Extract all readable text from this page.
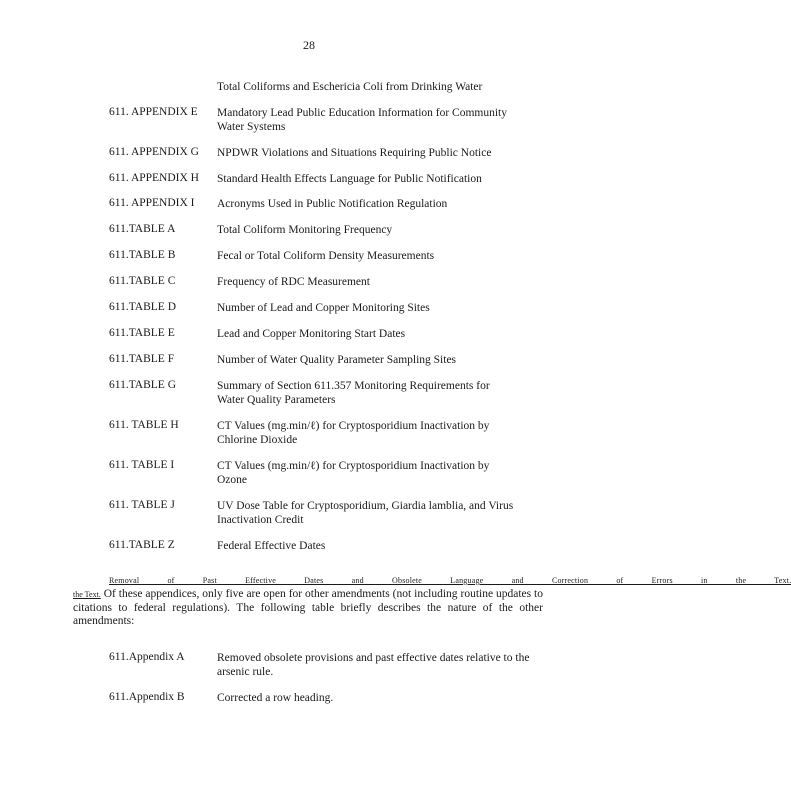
28
Total Coliforms and Eschericia Coli from Drinking Water
611. APPENDIX E	Mandatory Lead Public Education Information for Community Water Systems
611. APPENDIX G	NPDWR Violations and Situations Requiring Public Notice
611. APPENDIX H	Standard Health Effects Language for Public Notification
611. APPENDIX I	Acronyms Used in Public Notification Regulation
611.TABLE A	Total Coliform Monitoring Frequency
611.TABLE B	Fecal or Total Coliform Density Measurements
611.TABLE C	Frequency of RDC Measurement
611.TABLE D	Number of Lead and Copper Monitoring Sites
611.TABLE E	Lead and Copper Monitoring Start Dates
611.TABLE F	Number of Water Quality Parameter Sampling Sites
611.TABLE G	Summary of Section 611.357 Monitoring Requirements for Water Quality Parameters
611. TABLE H	CT Values (mg.min/ℓ) for Cryptosporidium Inactivation by Chlorine Dioxide
611. TABLE I	CT Values (mg.min/ℓ) for Cryptosporidium Inactivation by Ozone
611. TABLE J	UV Dose Table for Cryptosporidium, Giardia lamblia, and Virus Inactivation Credit
611.TABLE Z	Federal Effective Dates
Removal of Past Effective Dates and Obsolete Language and Correction of Errors in the Text.
the Text. Of these appendices, only five are open for other amendments (not including routine updates to citations to federal regulations). The following table briefly describes the nature of the other amendments:
611.Appendix A	Removed obsolete provisions and past effective dates relative to the arsenic rule.
611.Appendix B	Corrected a row heading.
